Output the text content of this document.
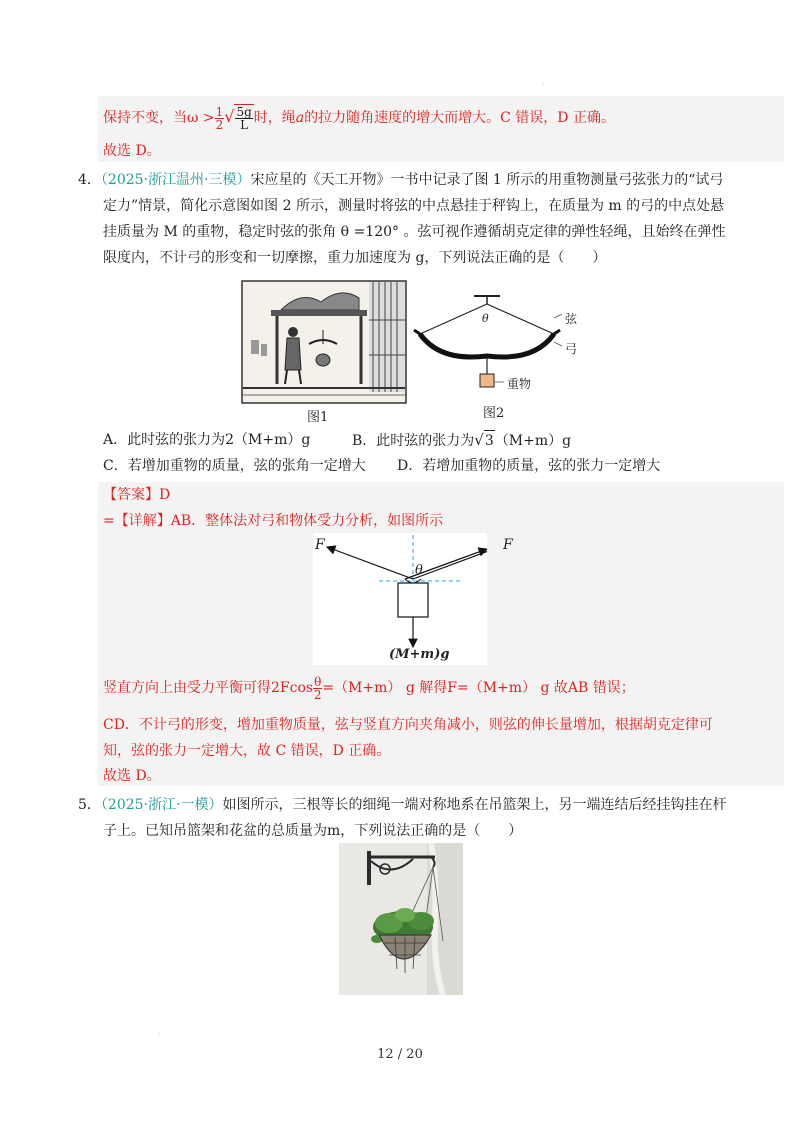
保持不变，当$\omega > \frac{1}{2}$ √ $\frac{5g}{L}$ 时，绳a的拉力随角速度的增大而增大。C 错误，D 正确。
故选 D。
·
4．（2025·浙江温州·三模）宋应星的《天工开物》一书中记录了图 1 所示的用重物测量弓弦张力的“试弓
定力”情景，简化示意图如图 2 所示，测量时将弦的中点悬挂于秤钩上，在质量为 m 的弓的中点处悬
挂质量为 M 的重物，稳定时弦的张角 θ =120° 。弦可视作遵循胡克定律的弹性轻绳，且始终在弹性
限度内，不计弓的形变和一切摩擦，重力加速度为 g，下列说法正确的是（　　）
图1
θ	弦
弓
重物
图2
A．此时弦的张力为2（M+m）g	B．此时弦的张力为√3（M+m）g
C．若增加重物的质量，弦的张角一定增大 D．若增加重物的质量，弦的张力一定增大
【答案】D
=【详解】AB．整体法对弓和物体受力分析，如图所示
F	F
θ
(M+m)g
竖直方向上由受力平衡可得$2Fcos \frac{\theta}{2} =(M+m)$ g 解得F=（M+m） g 故AB 错误；
CD．不计弓的形变，增加重物质量，弦与竖直方向夹角减小，则弦的伸长量增加，根据胡克定律可
知，弦的张力一定增大，故 C 错误，D 正确。
故选 D。
5．（2025·浙江·一模）如图所示，三根等长的细绳一端对称地系在吊篮架上，另一端连结后经挂钩挂在杆
子上。已知吊篮架和花盆的总质量为m，下列说法正确的是（　　）
·
12 / 20
